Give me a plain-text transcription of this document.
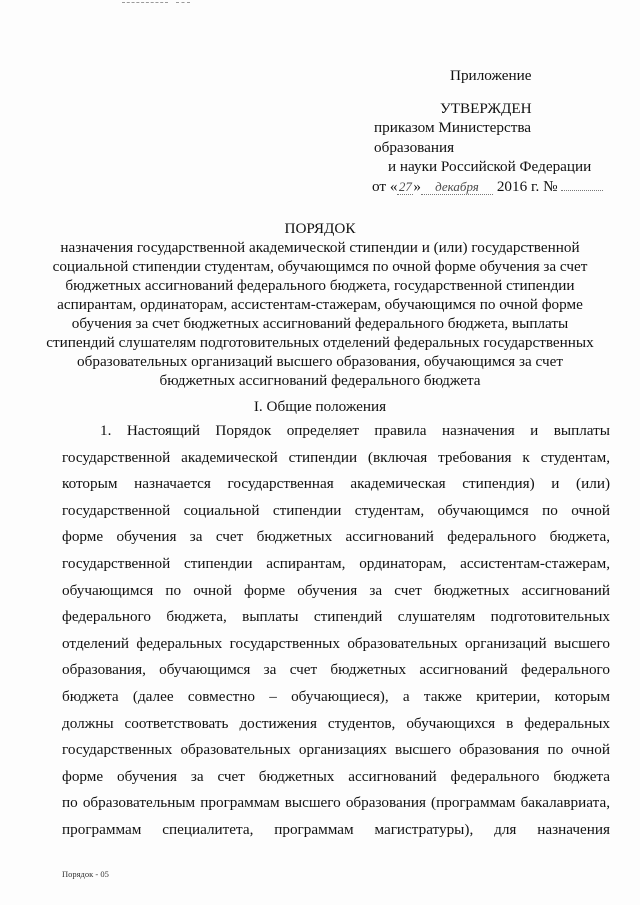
Приложение
УТВЕРЖДЕН
приказом Министерства образования
и науки Российской Федерации
от « 27» декабря 2016 г. №
ПОРЯДОК
назначения государственной академической стипендии и (или) государственной
социальной стипендии студентам, обучающимся по очной форме обучения за счет
бюджетных ассигнований федерального бюджета, государственной стипендии
аспирантам, ординаторам, ассистентам-стажерам, обучающимся по очной форме
обучения за счет бюджетных ассигнований федерального бюджета, выплаты
стипендий слушателям подготовительных отделений федеральных государственных
образовательных организаций высшего образования, обучающимся за счет
бюджетных ассигнований федерального бюджета
I. Общие положения
1. Настоящий Порядок определяет правила назначения и выплаты
государственной академической стипендии (включая требования к студентам,
которым назначается государственная академическая стипендия) и (или)
государственной социальной стипендии студентам, обучающимся по очной
форме обучения за счет бюджетных ассигнований федерального бюджета,
государственной стипендии аспирантам, ординаторам, ассистентам-стажерам,
обучающимся по очной форме обучения за счет бюджетных ассигнований
федерального бюджета, выплаты стипендий слушателям подготовительных
отделений федеральных государственных образовательных организаций высшего
образования, обучающимся за счет бюджетных ассигнований федерального
бюджета (далее совместно – обучающиеся), а также критерии, которым
должны соответствовать достижения студентов, обучающихся в федеральных
государственных образовательных организациях высшего образования по очной
форме обучения за счет бюджетных ассигнований федерального бюджета
по образовательным программам высшего образования (программам бакалавриата,
программам специалитета, программам магистратуры), для назначения
Порядок - 05
